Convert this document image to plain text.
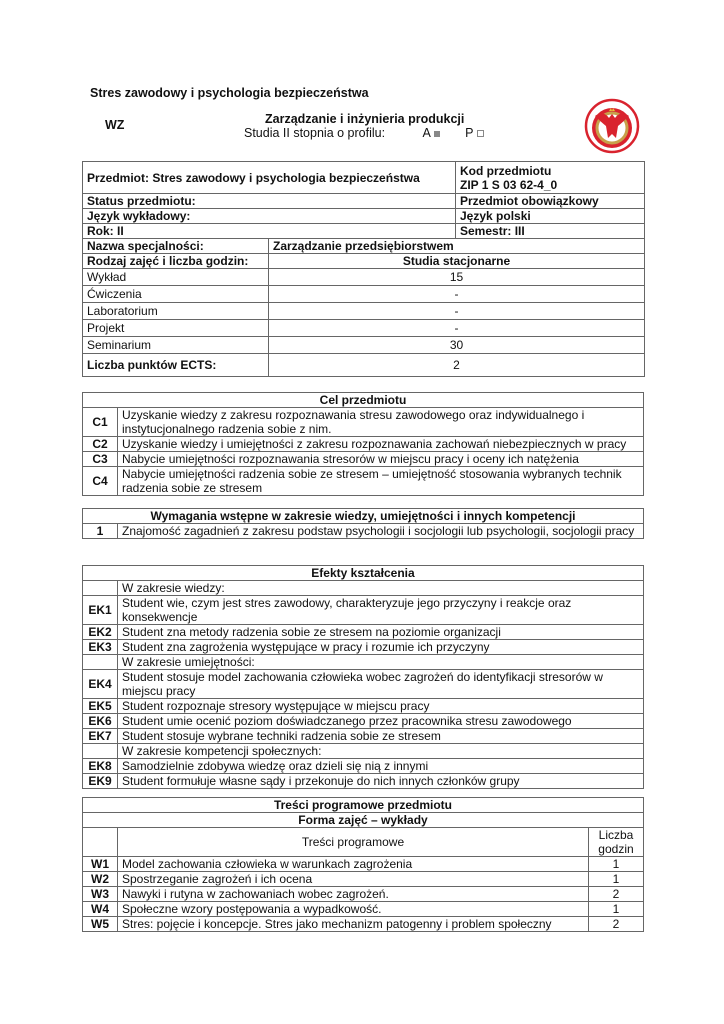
Stres zawodowy i psychologia bezpieczeństwa
WZ	Zarządzanie i inżynieria produkcji
Studia II stopnia o profilu:	A	P
Przedmiot: Stres zawodowy i psychologia bezpieczeństwa		Kod przedmiotu
ZIP 1 S 03 62-4_0

Status przedmiotu:		Przedmiot obowiązkowy
Język wykładowy:		Język polski
Rok: II		Semestr: III
Nazwa specjalności:	Zarządzanie przedsiębiorstwem	
Rodzaj zajęć i liczba godzin:	Studia stacjonarne	
Wykład	15	
Ćwiczenia	-	
Laboratorium	-	
Projekt	-	
Seminarium	30	
Liczba punktów ECTS:	2	
Cel przedmiotu	
C1	Uzyskanie wiedzy z zakresu rozpoznawania stresu zawodowego oraz indywidualnego i instytucjonalnego radzenia sobie z nim.
C2	Uzyskanie wiedzy i umiejętności z zakresu rozpoznawania zachowań niebezpiecznych w pracy
C3	Nabycie umiejętności rozpoznawania stresorów w miejscu pracy i oceny ich natężenia
C4	Nabycie umiejętności radzenia sobie ze stresem – umiejętność stosowania wybranych technik radzenia sobie ze stresem
Wymagania wstępne w zakresie wiedzy, umiejętności i innych kompetencji
1	Znajomość zagadnień z zakresu podstaw psychologii i socjologii lub psychologii, socjologii pracy
Efekty kształcenia	
	W zakresie wiedzy:
EK1	Student wie, czym jest stres zawodowy, charakteryzuje jego przyczyny i reakcje oraz konsekwencje
EK2	Student zna metody radzenia sobie ze stresem na poziomie organizacji
EK3	Student zna zagrożenia występujące w pracy i rozumie ich przyczyny
	W zakresie umiejętności:
EK4	Student stosuje model zachowania człowieka wobec zagrożeń do identyfikacji stresorów w miejscu pracy
EK5	Student rozpoznaje stresory występujące w miejscu pracy
EK6	Student umie ocenić poziom doświadczanego przez pracownika stresu zawodowego
EK7	Student stosuje wybrane techniki radzenia sobie ze stresem
	W zakresie kompetencji społecznych:
EK8	Samodzielnie zdobywa wiedzę oraz dzieli się nią z innymi
EK9	Student formułuje własne sądy i przekonuje do nich innych członków grupy
Treści programowe przedmiotu		
Forma zajęć – wykłady		
	Treści programowe	Liczba godzin
W1	Model zachowania człowieka w warunkach zagrożenia	1
W2	Spostrzeganie zagrożeń i ich ocena	1
W3	Nawyki i rutyna w zachowaniach wobec zagrożeń.	2
W4	Społeczne wzory postępowania a wypadkowość.	1
W5	Stres: pojęcie i koncepcje. Stres jako mechanizm patogenny i problem społeczny	2
